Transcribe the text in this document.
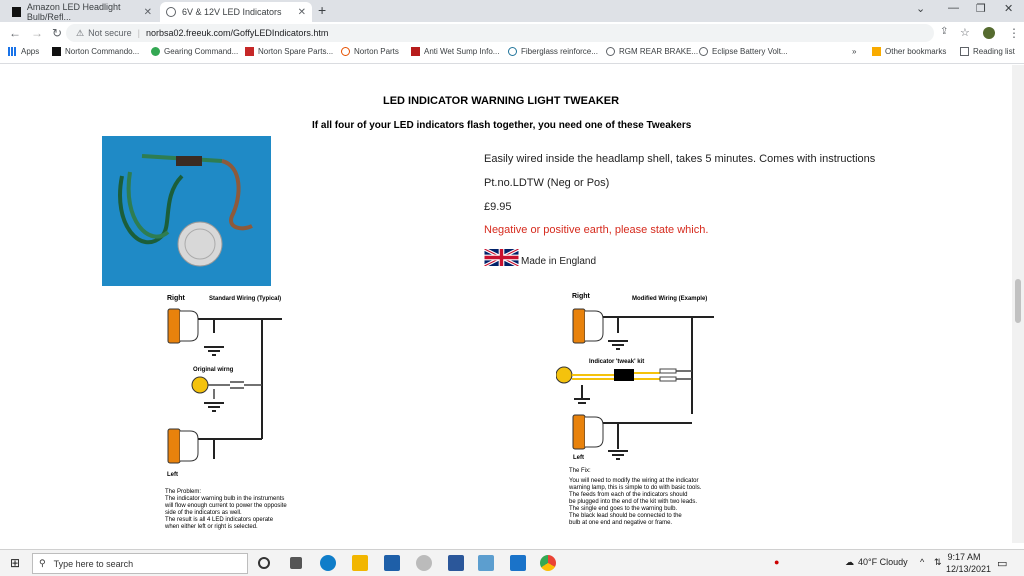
Amazon LED Headlight Bulb/Refl...	✕	6V & 12V LED Indicators ✕ +	⌄ — ❐ ✕
← → ↻	⇪ ☆	⋮
⚠ Not secure | norbsa02.freeuk.com/GoffyLEDIndicators.htm
Apps	Norton Commando...	Gearing Command... Norton Spare Parts...	Norton Parts	Anti Wet Sump Info...	Fiberglass reinforce...	RGM REAR BRAKE... Eclipse Battery Volt...	»	Other bookmarks	Reading list
LED INDICATOR WARNING LIGHT TWEAKER
If all four of your LED indicators flash together, you need one of these Tweakers
Easily wired inside the headlamp shell, takes 5 minutes. Comes with instructions
Pt.no.LDTW (Neg or Pos)
£9.95
Negative or positive earth, please state which.
Made in England
Right	Standard Wiring (Typical)
Original wirng
Left
The Problem:
The indicator warning bulb in the instruments
will flow enough current to power the opposite
side of the indicators as well.
The result is all 4 LED indicators operate
when either left or right is selected.
Right	Modified Wiring (Example)
Indicator 'tweak' kit
Left
The Fix:
You will need to modify the wiring at the indicator
warning lamp, this is simple to do with basic tools.
The feeds from each of the indicators should
be plugged into the end of the kit with two leads.
The single end goes to the warning bulb.
The black lead should be connected to the
bulb at one end and negative or frame.
⊞ ⚲ Type here to search	●	☁ 40°F Cloudy ^ ⇅ 9:17 AM
12/13/2021 ▭
